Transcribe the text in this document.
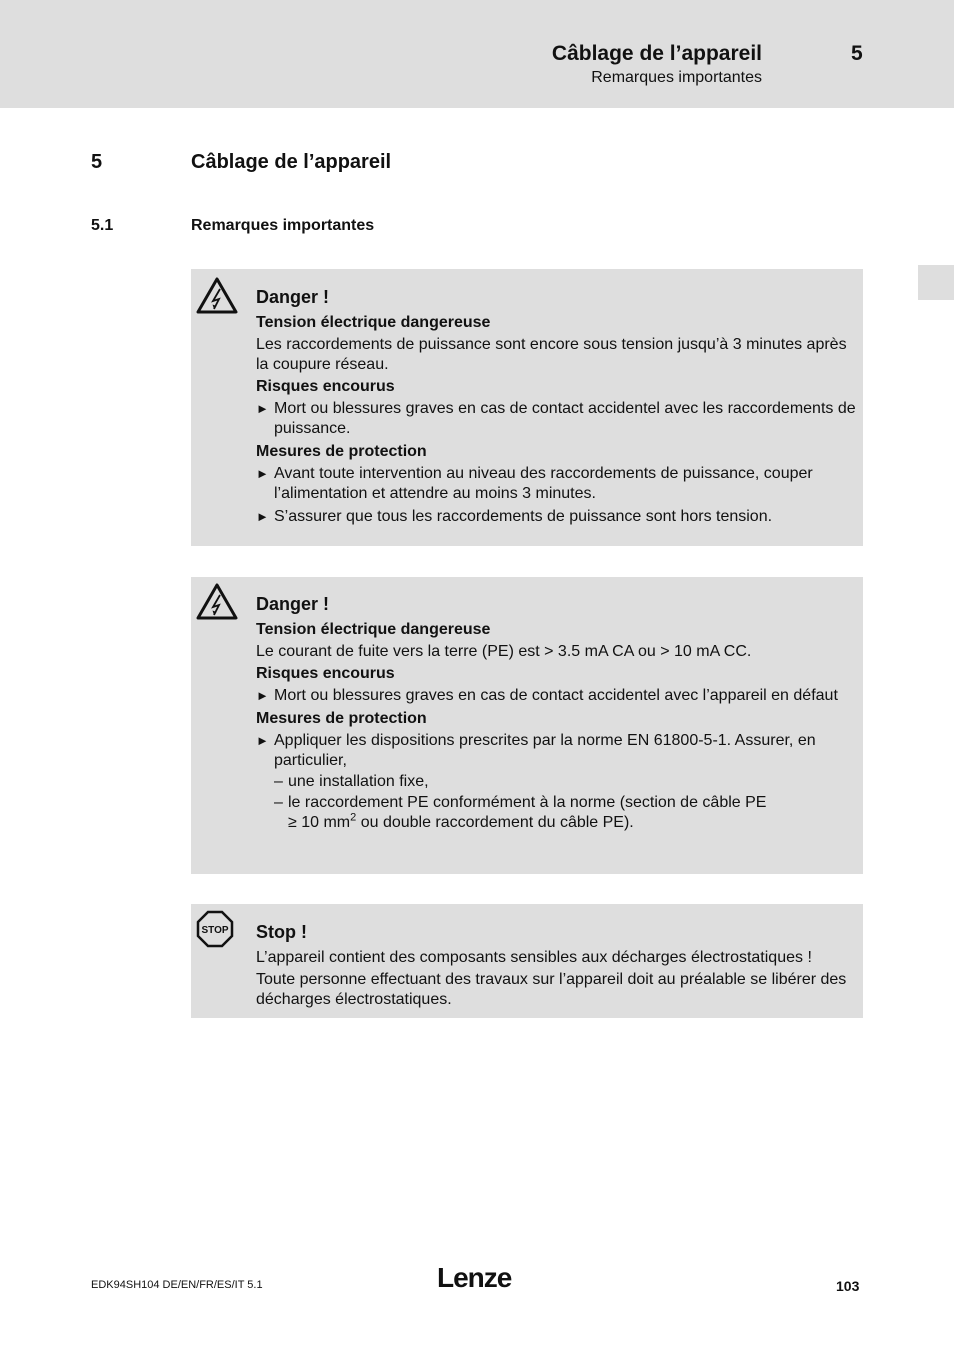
Câblage de l’appareil	5
Remarques importantes
5	Câblage de l’appareil
5.1	Remarques importantes
Danger !
Tension électrique dangereuse
Les raccordements de puissance sont encore sous tension jusqu’à 3 minutes après la coupure réseau.
Risques encourus
► Mort ou blessures graves en cas de contact accidentel avec les raccordements de puissance.
Mesures de protection
► Avant toute intervention au niveau des raccordements de puissance, couper l’alimentation et attendre au moins 3 minutes.
► S’assurer que tous les raccordements de puissance sont hors tension.
Danger !
Tension électrique dangereuse
Le courant de fuite vers la terre (PE) est > 3.5 mA CA ou > 10 mA CC.
Risques encourus
► Mort ou blessures graves en cas de contact accidentel avec l’appareil en défaut
Mesures de protection
► Appliquer les dispositions prescrites par la norme EN 61800-5-1. Assurer, en particulier,
– une installation fixe,
– le raccordement PE conformément à la norme (section de câble PE
≥ 10 $mm^2$ ou double raccordement du câble PE).
STOP Stop !
L’appareil contient des composants sensibles aux décharges électrostatiques !
Toute personne effectuant des travaux sur l’appareil doit au préalable se libérer des décharges électrostatiques.
EDK94SH104 DE/EN/FR/ES/IT 5.1	Lenze	103
